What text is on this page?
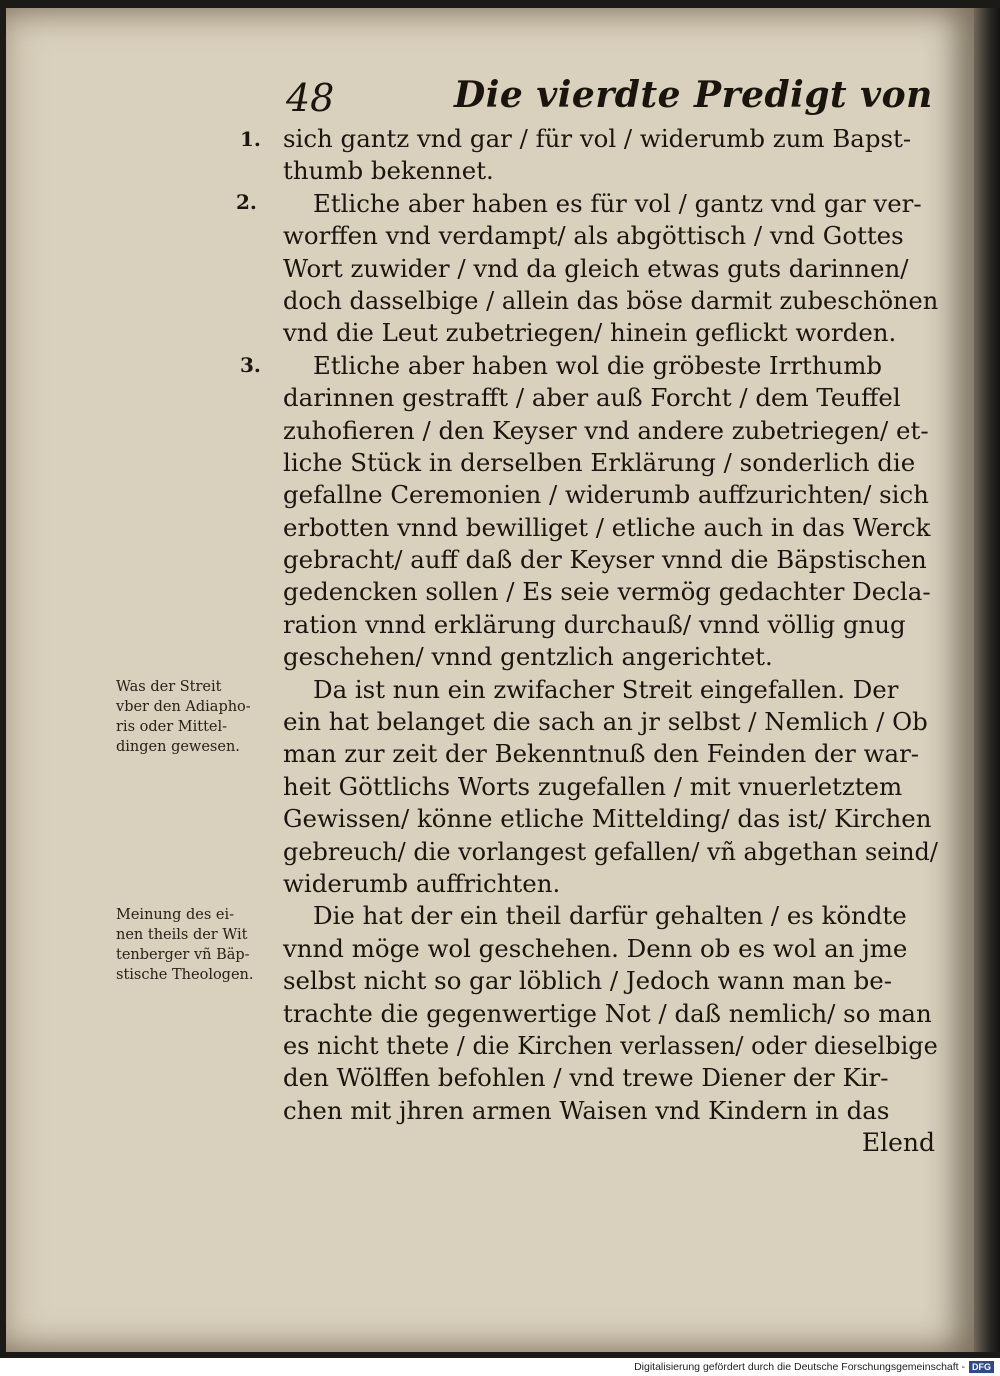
48	Die vierdte Predigt von
1.
2.
3.
Was der Streit
vber den Adiapho-
ris oder Mittel-
dingen gewesen.
Meinung des ei-
nen theils der Wit
tenberger vñ Bäp-
stische Theologen.
sich gantz vnd gar / für vol / widerumb zum Bapst-
thumb bekennet.
Etliche aber haben es für vol / gantz vnd gar ver-
worffen vnd verdampt/ als abgöttisch / vnd Gottes
Wort zuwider / vnd da gleich etwas guts darinnen/
doch dasselbige / allein das böse darmit zubeschönen
vnd die Leut zubetriegen/ hinein geflickt worden.
Etliche aber haben wol die gröbeste Irrthumb
darinnen gestrafft / aber auß Forcht / dem Teuffel
zuhofieren / den Keyser vnd andere zubetriegen/ et-
liche Stück in derselben Erklärung / sonderlich die
gefallne Ceremonien / widerumb auffzurichten/ sich
erbotten vnnd bewilliget / etliche auch in das Werck
gebracht/ auff daß der Keyser vnnd die Bäpstischen
gedencken sollen / Es seie vermög gedachter Decla-
ration vnnd erklärung durchauß/ vnnd völlig gnug
geschehen/ vnnd gentzlich angerichtet.
Da ist nun ein zwifacher Streit eingefallen. Der
ein hat belanget die sach an jr selbst / Nemlich / Ob
man zur zeit der Bekenntnuß den Feinden der war-
heit Göttlichs Worts zugefallen / mit vnuerletztem
Gewissen/ könne etliche Mittelding/ das ist/ Kirchen
gebreuch/ die vorlangest gefallen/ vñ abgethan seind/
widerumb auffrichten.
Die hat der ein theil darfür gehalten / es köndte
vnnd möge wol geschehen. Denn ob es wol an jme
selbst nicht so gar löblich / Jedoch wann man be-
trachte die gegenwertige Not / daß nemlich/ so man
es nicht thete / die Kirchen verlassen/ oder dieselbige
den Wölffen befohlen / vnd trewe Diener der Kir-
chen mit jhren armen Waisen vnd Kindern in das
Elend
Digitalisierung gefördert durch die Deutsche Forschungsgemeinschaft - DFG
